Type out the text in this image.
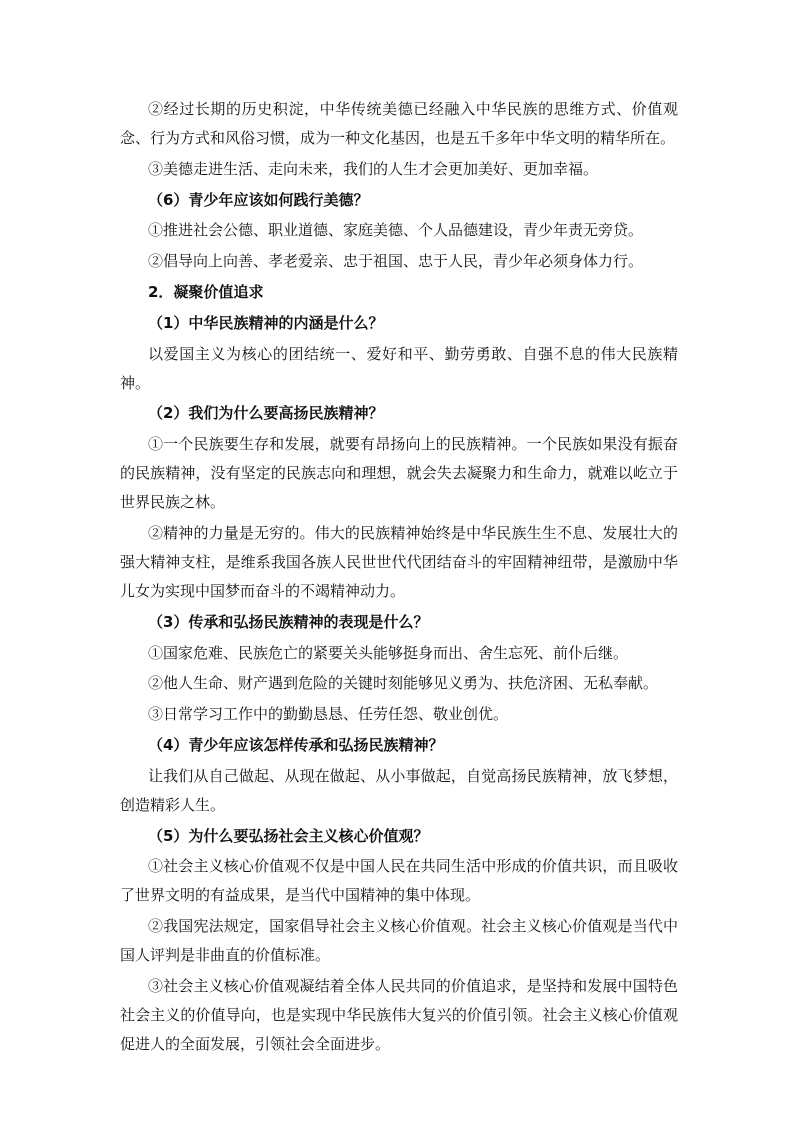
②经过长期的历史积淀，中华传统美德已经融入中华民族的思维方式、价值观念、行为方式和风俗习惯，成为一种文化基因，也是五千多年中华文明的精华所在。

③美德走进生活、走向未来，我们的人生才会更加美好、更加幸福。

（6）青少年应该如何践行美德？

①推进社会公德、职业道德、家庭美德、个人品德建设，青少年责无旁贷。

②倡导向上向善、孝老爱亲、忠于祖国、忠于人民，青少年必须身体力行。

2．凝聚价值追求

（1）中华民族精神的内涵是什么？

以爱国主义为核心的团结统一、爱好和平、勤劳勇敢、自强不息的伟大民族精神。

（2）我们为什么要高扬民族精神？

①一个民族要生存和发展，就要有昂扬向上的民族精神。一个民族如果没有振奋的民族精神，没有坚定的民族志向和理想，就会失去凝聚力和生命力，就难以屹立于世界民族之林。

②精神的力量是无穷的。伟大的民族精神始终是中华民族生生不息、发展壮大的强大精神支柱，是维系我国各族人民世世代代团结奋斗的牢固精神纽带，是激励中华儿女为实现中国梦而奋斗的不竭精神动力。

（3）传承和弘扬民族精神的表现是什么？

①国家危难、民族危亡的紧要关头能够挺身而出、舍生忘死、前仆后继。

②他人生命、财产遇到危险的关键时刻能够见义勇为、扶危济困、无私奉献。

③日常学习工作中的勤勤恳恳、任劳任怨、敬业创优。

（4）青少年应该怎样传承和弘扬民族精神？

让我们从自己做起、从现在做起、从小事做起，自觉高扬民族精神，放飞梦想，创造精彩人生。

（5）为什么要弘扬社会主义核心价值观？

①社会主义核心价值观不仅是中国人民在共同生活中形成的价值共识，而且吸收了世界文明的有益成果，是当代中国精神的集中体现。

②我国宪法规定，国家倡导社会主义核心价值观。社会主义核心价值观是当代中国人评判是非曲直的价值标准。

③社会主义核心价值观凝结着全体人民共同的价值追求，是坚持和发展中国特色社会主义的价值导向，也是实现中华民族伟大复兴的价值引领。社会主义核心价值观促进人的全面发展，引领社会全面进步。
